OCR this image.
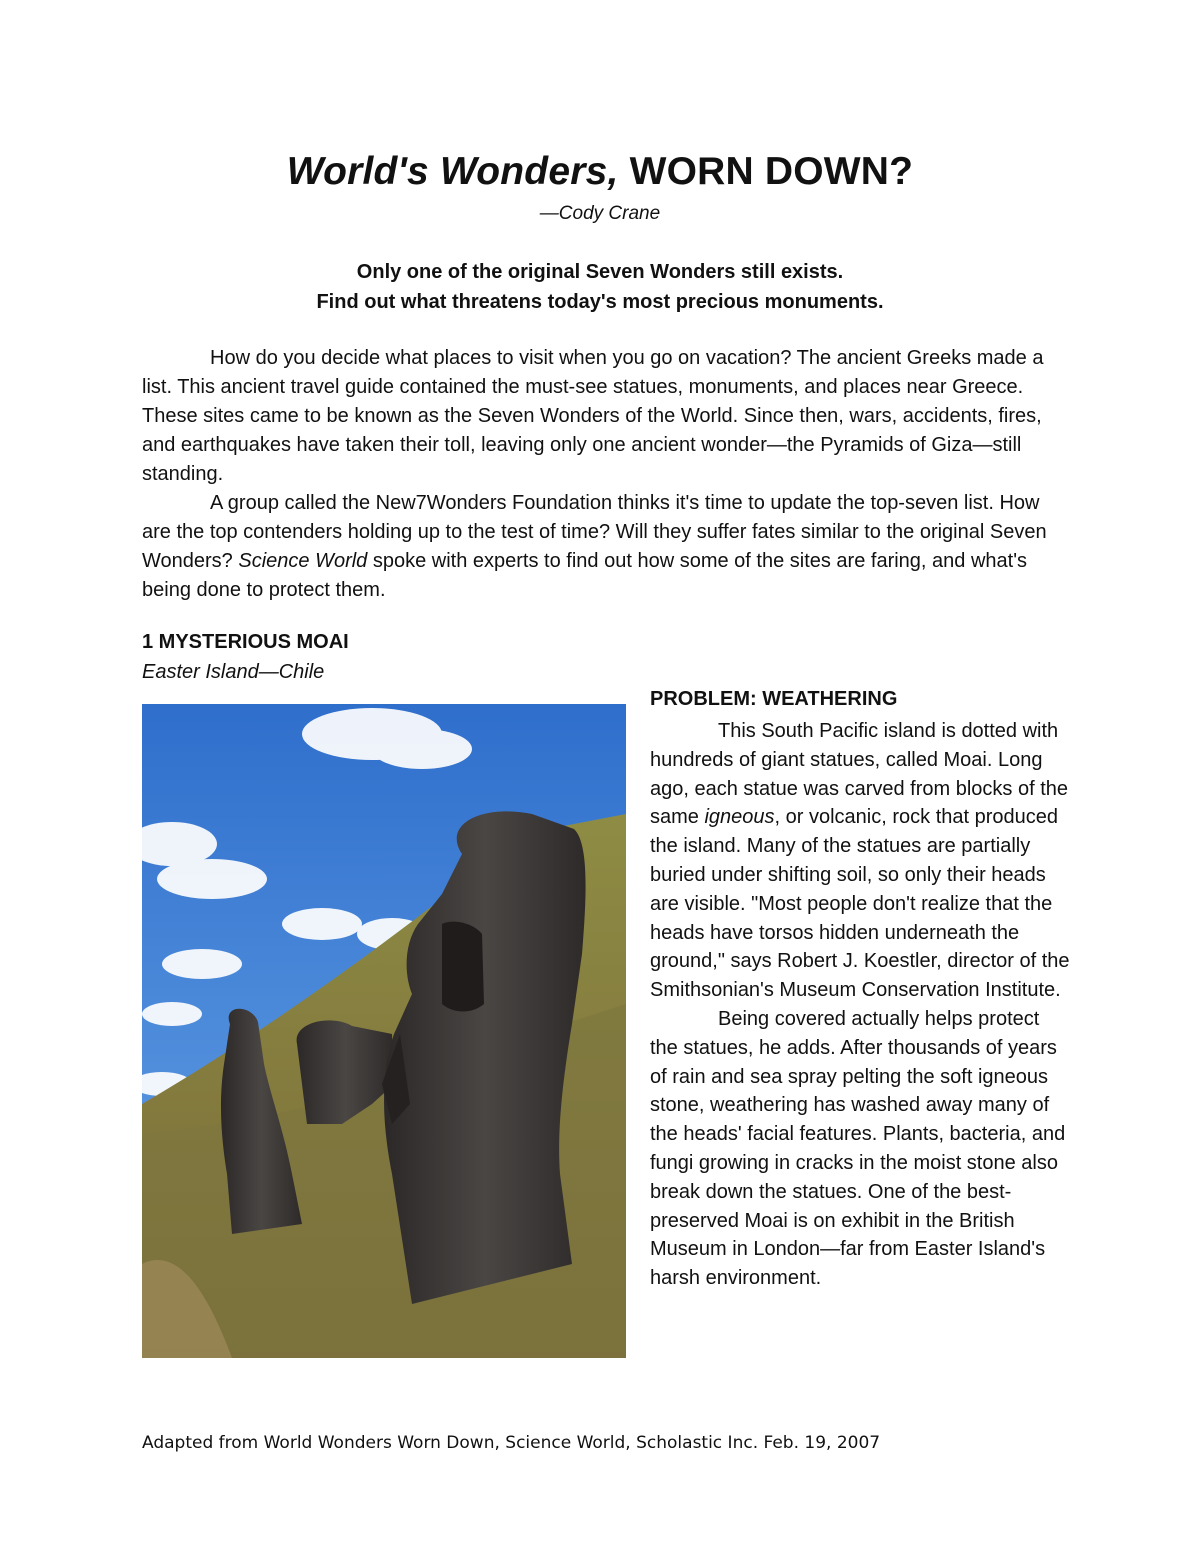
World's Wonders, WORN DOWN?
—Cody Crane
Only one of the original Seven Wonders still exists.
Find out what threatens today's most precious monuments.

How do you decide what places to visit when you go on vacation? The ancient Greeks made a list. This ancient travel guide contained the must-see statues, monuments, and places near Greece. These sites came to be known as the Seven Wonders of the World. Since then, wars, accidents, fires, and earthquakes have taken their toll, leaving only one ancient wonder—the Pyramids of Giza—still standing.

A group called the New7Wonders Foundation thinks it's time to update the top-seven list. How are the top contenders holding up to the test of time? Will they suffer fates similar to the original Seven Wonders? Science World spoke with experts to find out how some of the sites are faring, and what's being done to protect them.

1 MYSTERIOUS MOAI
Easter Island—Chile
PROBLEM: WEATHERING

This South Pacific island is dotted with hundreds of giant statues, called Moai. Long ago, each statue was carved from blocks of the same igneous, or volcanic, rock that produced the island. Many of the statues are partially buried under shifting soil, so only their heads are visible. "Most people don't realize that the heads have torsos hidden underneath the ground," says Robert J. Koestler, director of the Smithsonian's Museum Conservation Institute.

Being covered actually helps protect the statues, he adds. After thousands of years of rain and sea spray pelting the soft igneous stone, weathering has washed away many of the heads' facial features. Plants, bacteria, and fungi growing in cracks in the moist stone also break down the statues. One of the best-preserved Moai is on exhibit in the British Museum in London—far from Easter Island's harsh environment.

Adapted from World Wonders Worn Down, Science World, Scholastic Inc. Feb. 19, 2007
